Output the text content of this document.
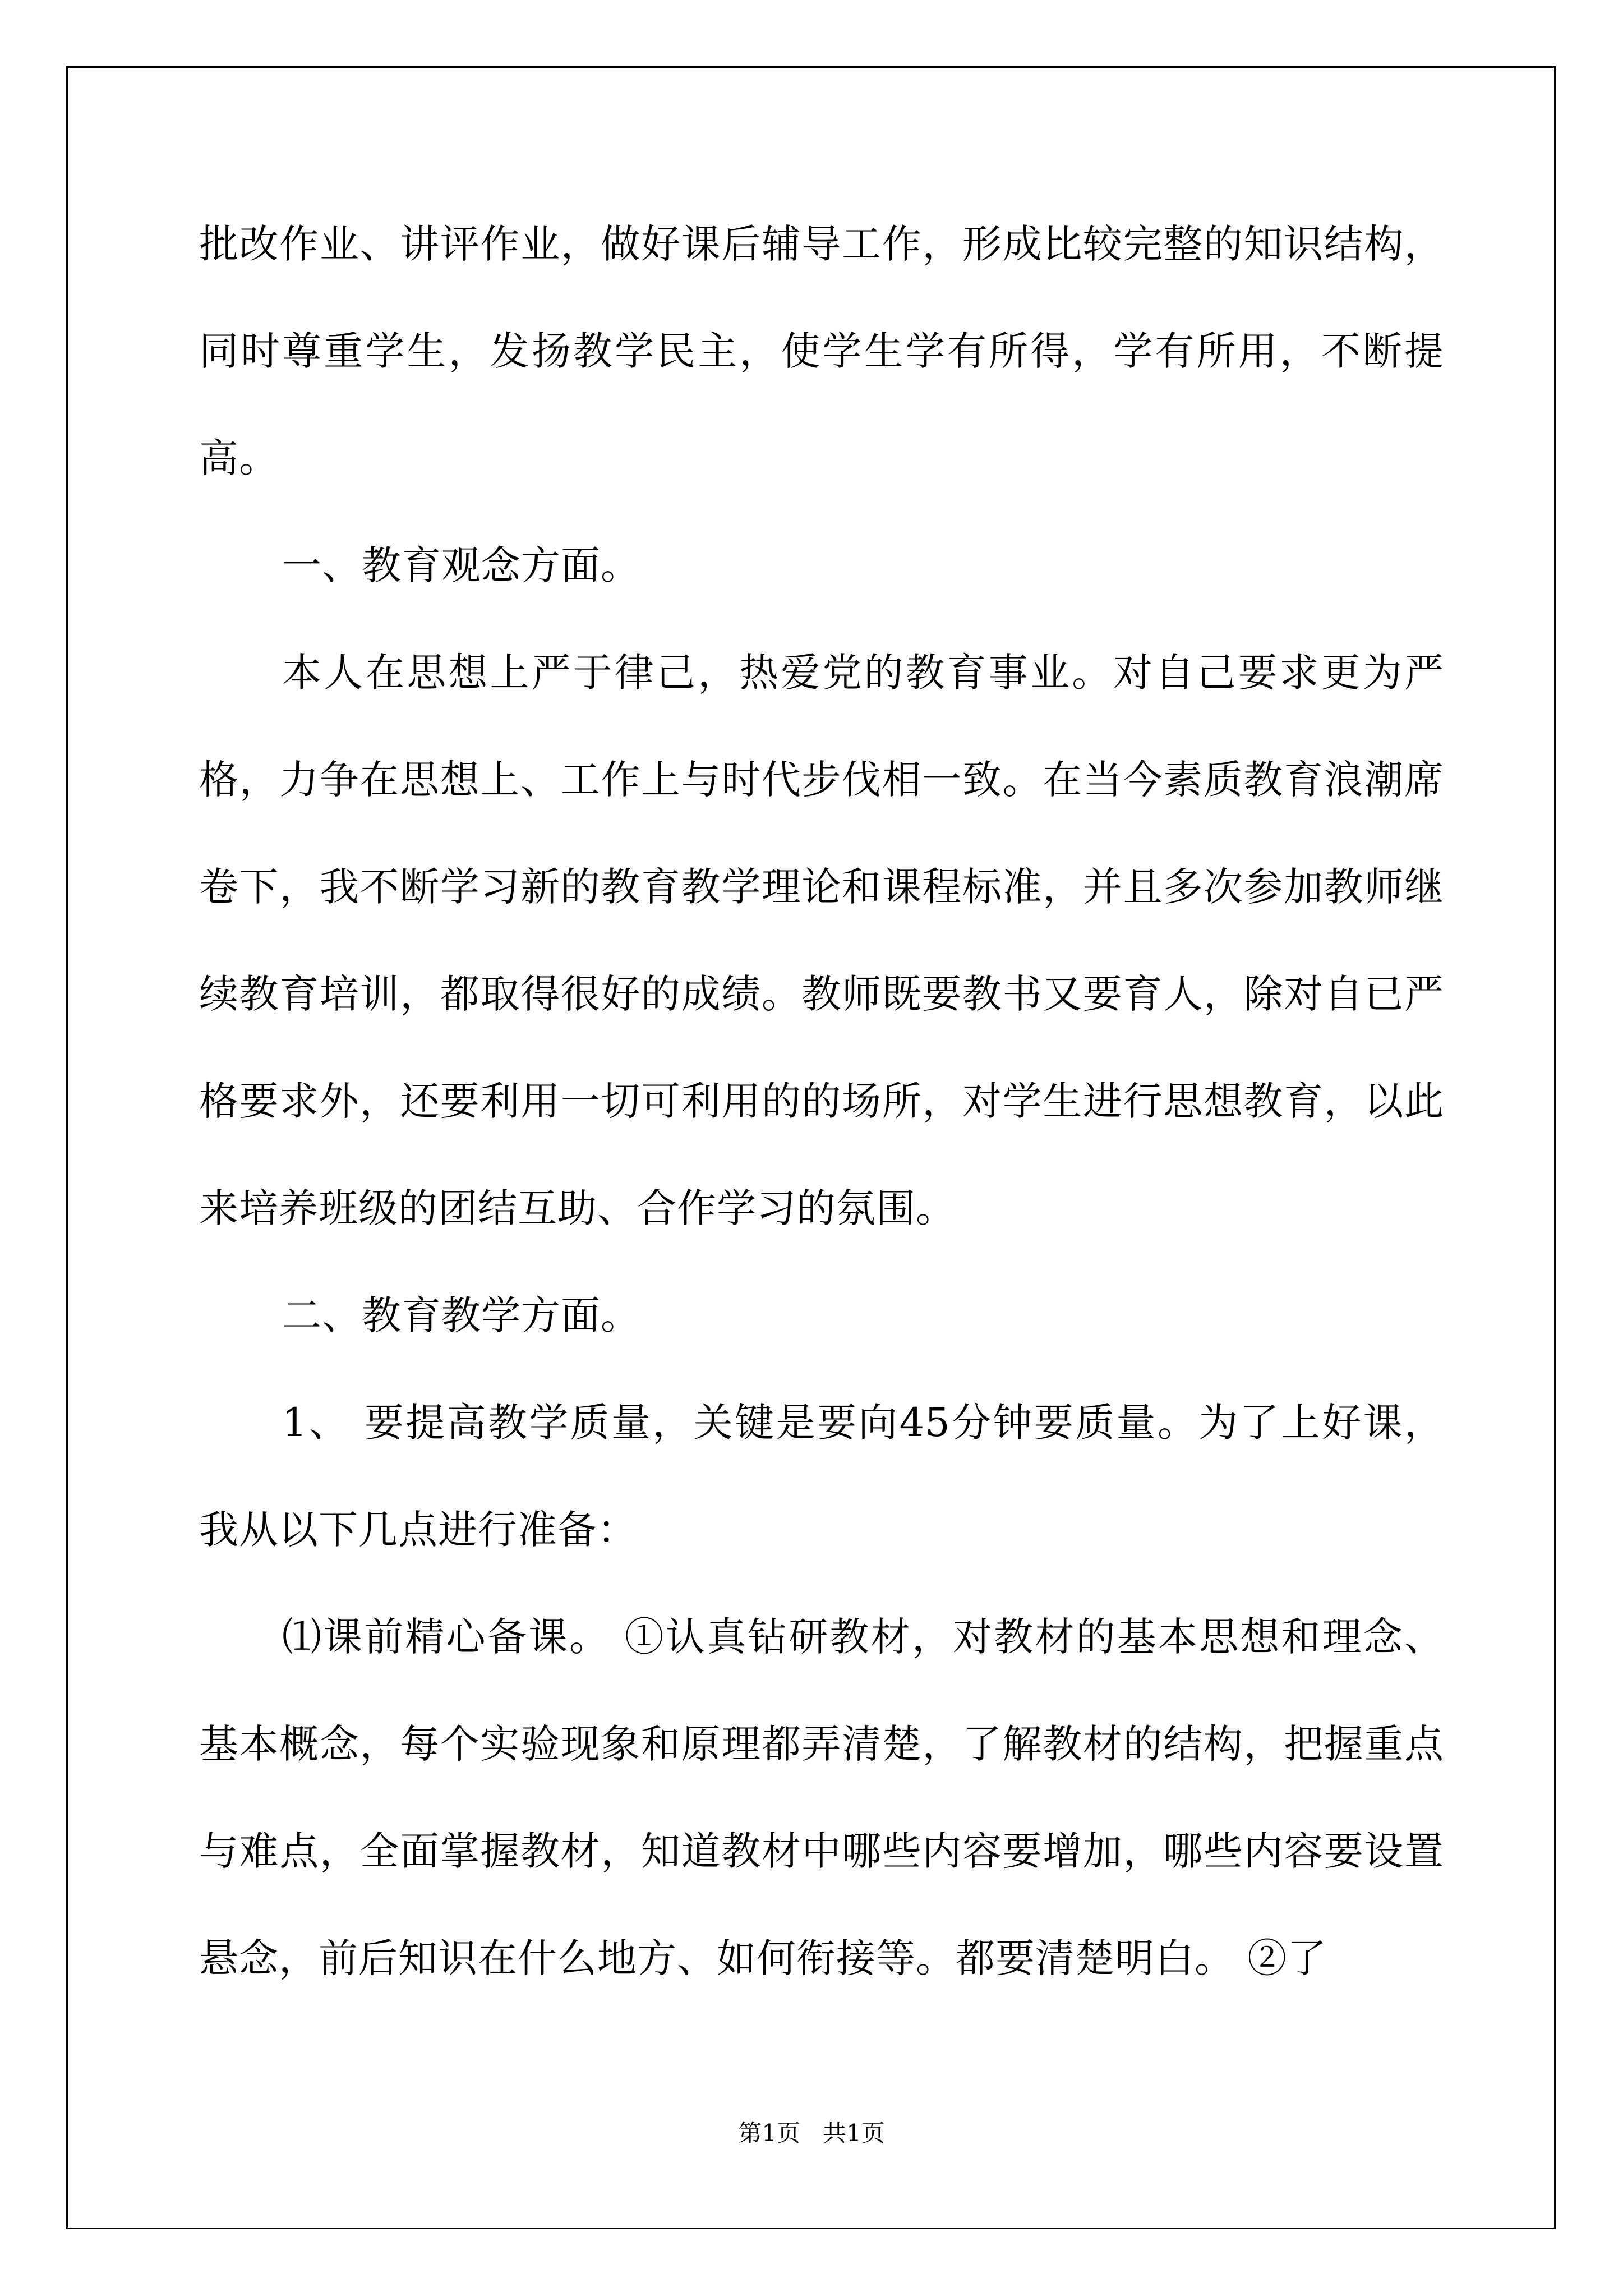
批改作业、讲评作业，做好课后辅导工作，形成比较完整的知识结构，同时尊重学生，发扬教学民主，使学生学有所得，学有所用，不断提高。

一、教育观念方面。

本人在思想上严于律己，热爱党的教育事业。对自己要求更为严格，力争在思想上、工作上与时代步伐相一致。在当今素质教育浪潮席卷下，我不断学习新的教育教学理论和课程标准，并且多次参加教师继续教育培训，都取得很好的成绩。教师既要教书又要育人，除对自已严格要求外，还要利用一切可利用的的场所，对学生进行思想教育，以此来培养班级的团结互助、合作学习的氛围。

二、教育教学方面。

1、 要提高教学质量，关键是要向45分钟要质量。为了上好课，我从以下几点进行准备：

⑴课前精心备课。 ①认真钻研教材，对教材的基本思想和理念、基本概念，每个实验现象和原理都弄清楚，了解教材的结构，把握重点与难点，全面掌握教材，知道教材中哪些内容要增加，哪些内容要设置悬念，前后知识在什么地方、如何衔接等。都要清楚明白。 ②了

第1页   共1页
